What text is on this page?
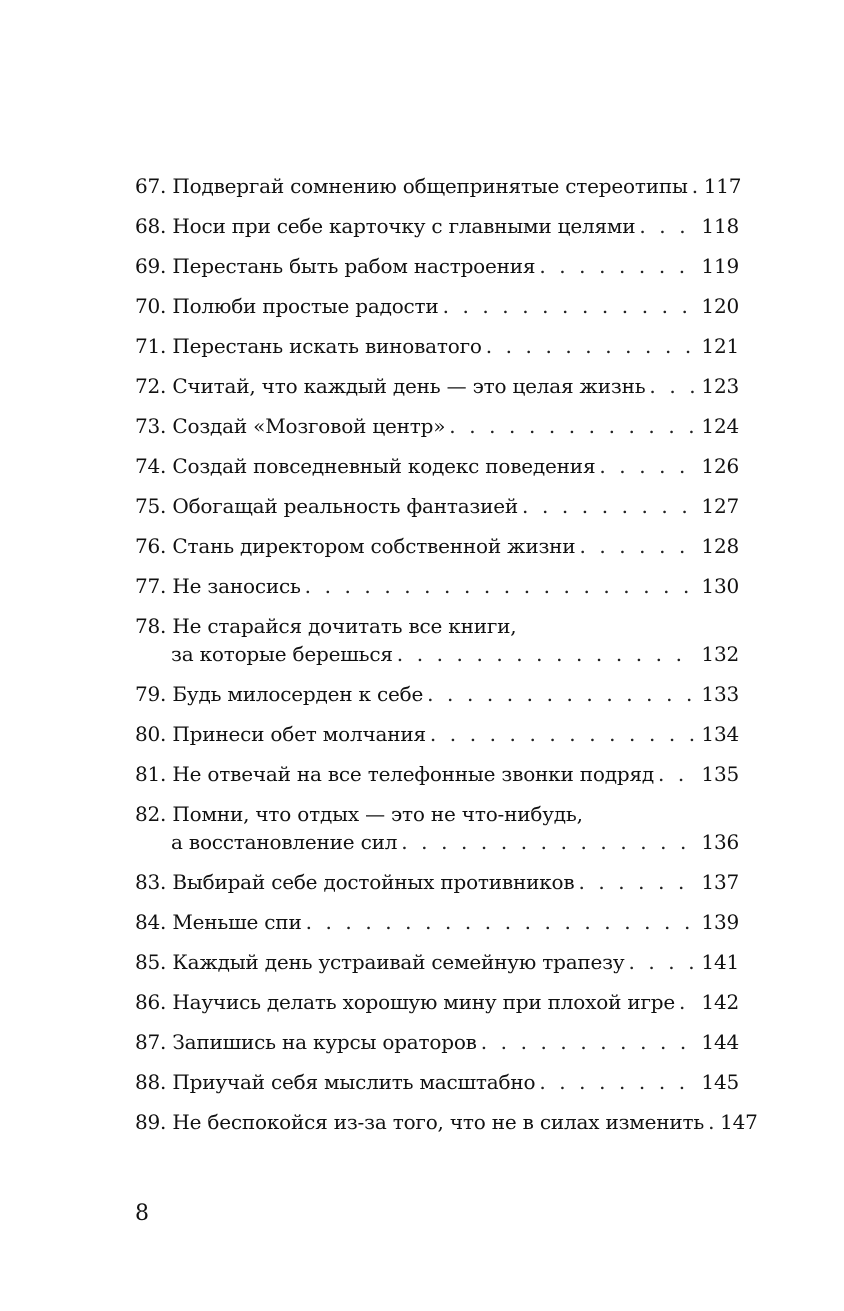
67.
Подвергай сомнению общепринятые стереотипы . . . 117
68.
Носи при себе карточку с главными целями . . .	118
69.
Перестань быть рабом настроения . . .	119
70.
Полюби простые радости . . .	120
71.
Перестань искать виноватого . . .	121
72.
Считай, что каждый день — это целая жизнь . . .	123
73.
Создай «Мозговой центр» . . .	124
74.
Создай повседневный кодекс поведения . . .	126
75.
Обогащай реальность фантазией . . .	127
76.
Стань директором собственной жизни . . .	128
77.
Не заносись . . .	130
78.
Не старайся дочитать все книги,
за которые берешься . . .	132
79.
Будь милосерден к себе . . .	133
80.
Принеси обет молчания . . .	134
81.
Не отвечай на все телефонные звонки подряд . . . 135
82.
Помни, что отдых — это не что-нибудь,
а восстановление сил . . .	136
83.
Выбирай себе достойных противников . . .	137
84.
Меньше спи . . .	139
85.
Каждый день устраивай семейную трапезу . . .	141
86.
Научись делать хорошую мину при плохой игре . . . 142
87.
Запишись на курсы ораторов . . .	144
88.
Приучай себя мыслить масштабно . . .	145
89.
Не беспокойся из-за того, что не в силах изменить . . . 147
8
